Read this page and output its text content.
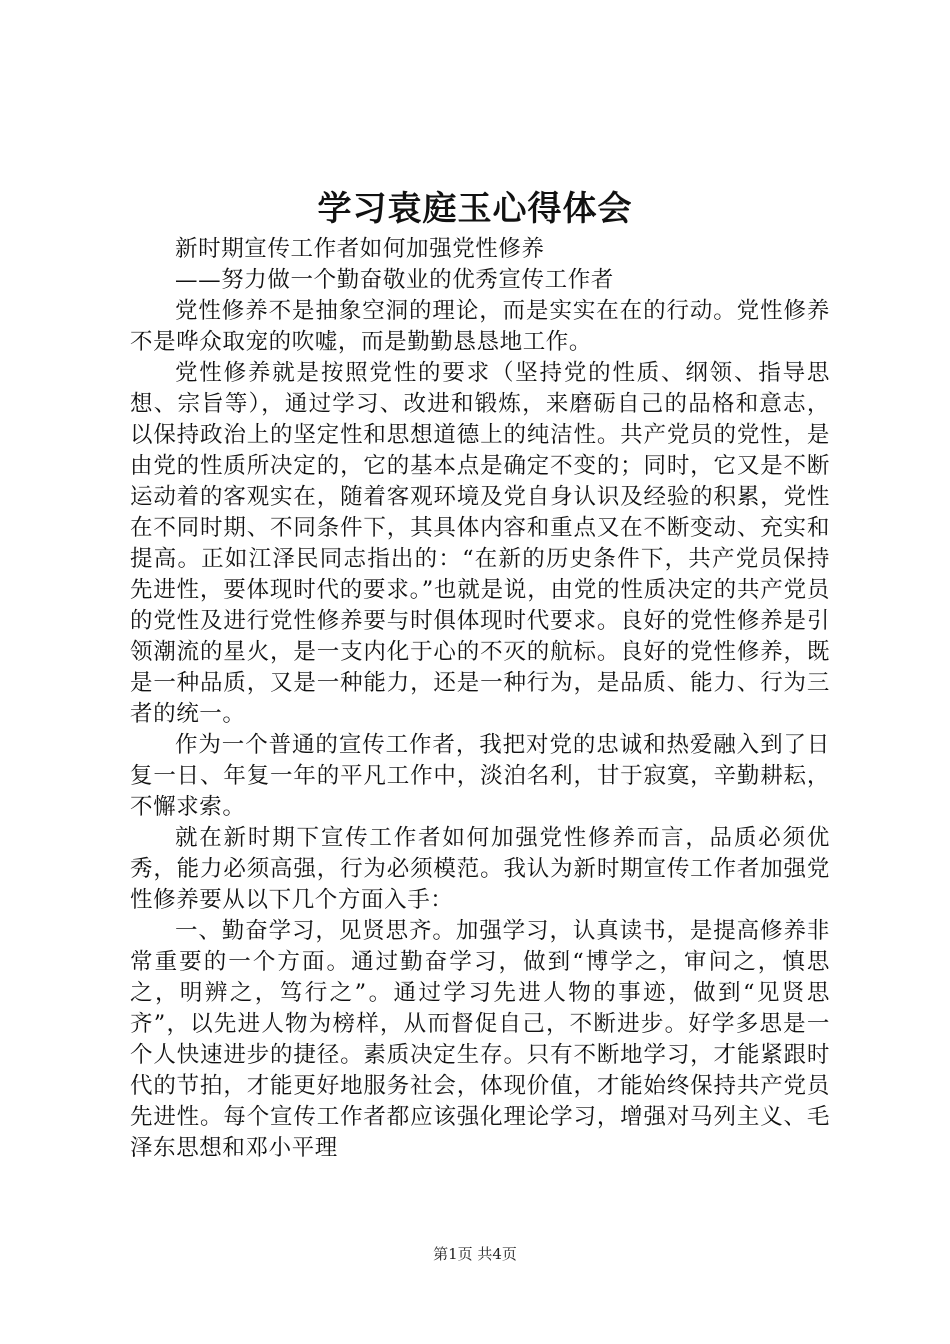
学习袁庭玉心得体会

新时期宣传工作者如何加强党性修养

——努力做一个勤奋敬业的优秀宣传工作者

党性修养不是抽象空洞的理论，而是实实在在的行动。党性修养不是哗众取宠的吹嘘，而是勤勤恳恳地工作。

党性修养就是按照党性的要求（坚持党的性质、纲领、指导思想、宗旨等），通过学习、改进和锻炼，来磨砺自己的品格和意志，以保持政治上的坚定性和思想道德上的纯洁性。共产党员的党性，是由党的性质所决定的，它的基本点是确定不变的；同时，它又是不断运动着的客观实在，随着客观环境及党自身认识及经验的积累，党性在不同时期、不同条件下，其具体内容和重点又在不断变动、充实和提高。正如江泽民同志指出的：“在新的历史条件下，共产党员保持先进性，要体现时代的要求。”也就是说，由党的性质决定的共产党员的党性及进行党性修养要与时俱体现时代要求。良好的党性修养是引领潮流的星火，是一支内化于心的不灭的航标。良好的党性修养，既是一种品质，又是一种能力，还是一种行为，是品质、能力、行为三者的统一。

作为一个普通的宣传工作者，我把对党的忠诚和热爱融入到了日复一日、年复一年的平凡工作中，淡泊名利，甘于寂寞，辛勤耕耘，不懈求索。

就在新时期下宣传工作者如何加强党性修养而言，品质必须优秀，能力必须高强，行为必须模范。我认为新时期宣传工作者加强党性修养要从以下几个方面入手：

一、勤奋学习，见贤思齐。加强学习，认真读书，是提高修养非常重要的一个方面。通过勤奋学习，做到“博学之，审问之，慎思之，明辨之，笃行之”。通过学习先进人物的事迹，做到“见贤思齐”，以先进人物为榜样，从而督促自己，不断进步。好学多思是一个人快速进步的捷径。素质决定生存。只有不断地学习，才能紧跟时代的节拍，才能更好地服务社会，体现价值，才能始终保持共产党员先进性。每个宣传工作者都应该强化理论学习，增强对马列主义、毛泽东思想和邓小平理

第1页 共4页
